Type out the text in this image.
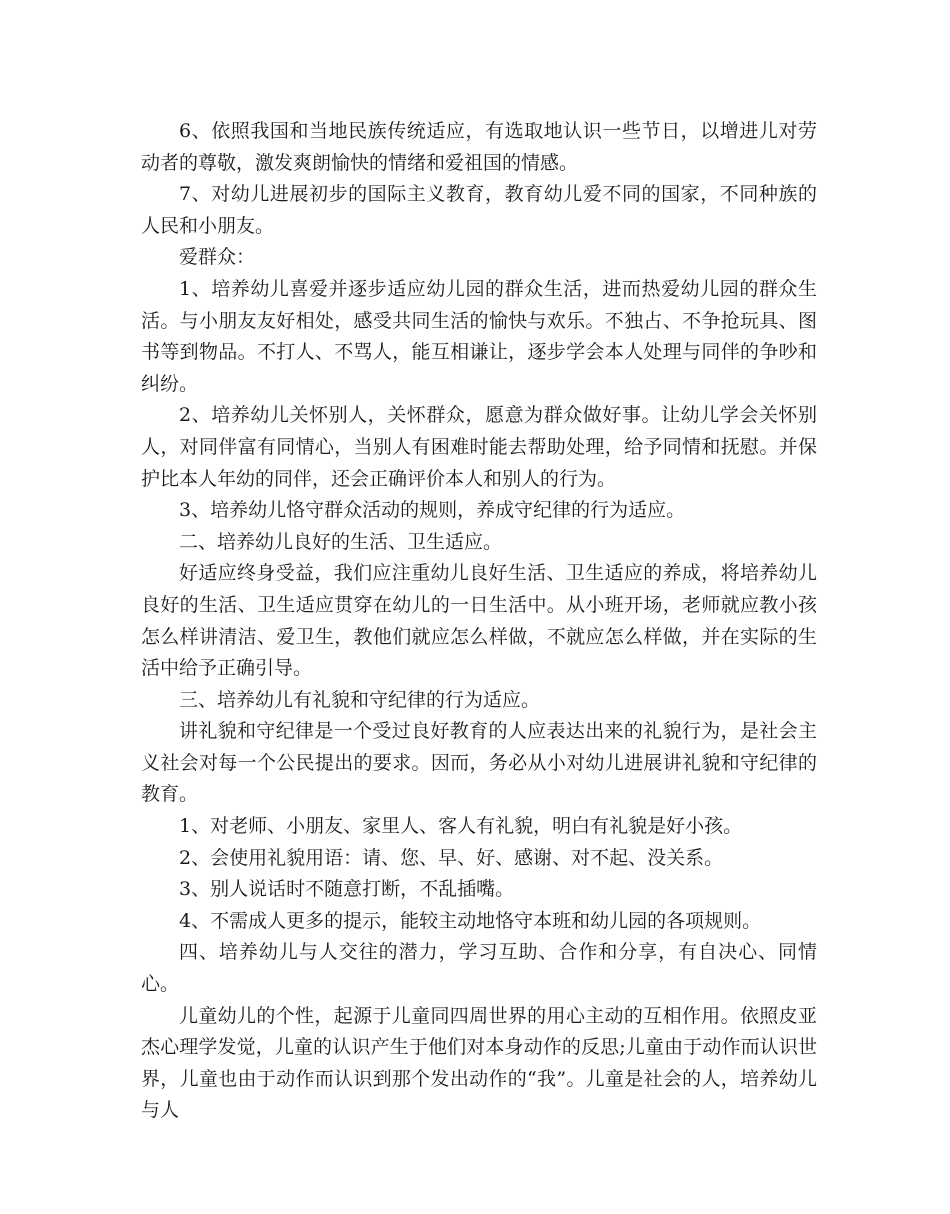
6、依照我国和当地民族传统适应，有选取地认识一些节日，以增进儿对劳动者的尊敬，激发爽朗愉快的情绪和爱祖国的情感。

7、对幼儿进展初步的国际主义教育，教育幼儿爱不同的国家，不同种族的人民和小朋友。

爱群众：

1、培养幼儿喜爱并逐步适应幼儿园的群众生活，进而热爱幼儿园的群众生活。与小朋友友好相处，感受共同生活的愉快与欢乐。不独占、不争抢玩具、图书等到物品。不打人、不骂人，能互相谦让，逐步学会本人处理与同伴的争吵和纠纷。

2、培养幼儿关怀别人，关怀群众，愿意为群众做好事。让幼儿学会关怀别人，对同伴富有同情心，当别人有困难时能去帮助处理，给予同情和抚慰。并保护比本人年幼的同伴，还会正确评价本人和别人的行为。

3、培养幼儿恪守群众活动的规则，养成守纪律的行为适应。

二、培养幼儿良好的生活、卫生适应。

好适应终身受益，我们应注重幼儿良好生活、卫生适应的养成，将培养幼儿良好的生活、卫生适应贯穿在幼儿的一日生活中。从小班开场，老师就应教小孩怎么样讲清洁、爱卫生，教他们就应怎么样做，不就应怎么样做，并在实际的生活中给予正确引导。

三、培养幼儿有礼貌和守纪律的行为适应。

讲礼貌和守纪律是一个受过良好教育的人应表达出来的礼貌行为，是社会主义社会对每一个公民提出的要求。因而，务必从小对幼儿进展讲礼貌和守纪律的教育。

1、对老师、小朋友、家里人、客人有礼貌，明白有礼貌是好小孩。

2、会使用礼貌用语：请、您、早、好、感谢、对不起、没关系。

3、别人说话时不随意打断，不乱插嘴。

4、不需成人更多的提示，能较主动地恪守本班和幼儿园的各项规则。

四、培养幼儿与人交往的潜力，学习互助、合作和分享，有自决心、同情心。

儿童幼儿的个性，起源于儿童同四周世界的用心主动的互相作用。依照皮亚杰心理学发觉，儿童的认识产生于他们对本身动作的反思;儿童由于动作而认识世界，儿童也由于动作而认识到那个发出动作的“我”。儿童是社会的人，培养幼儿与人
